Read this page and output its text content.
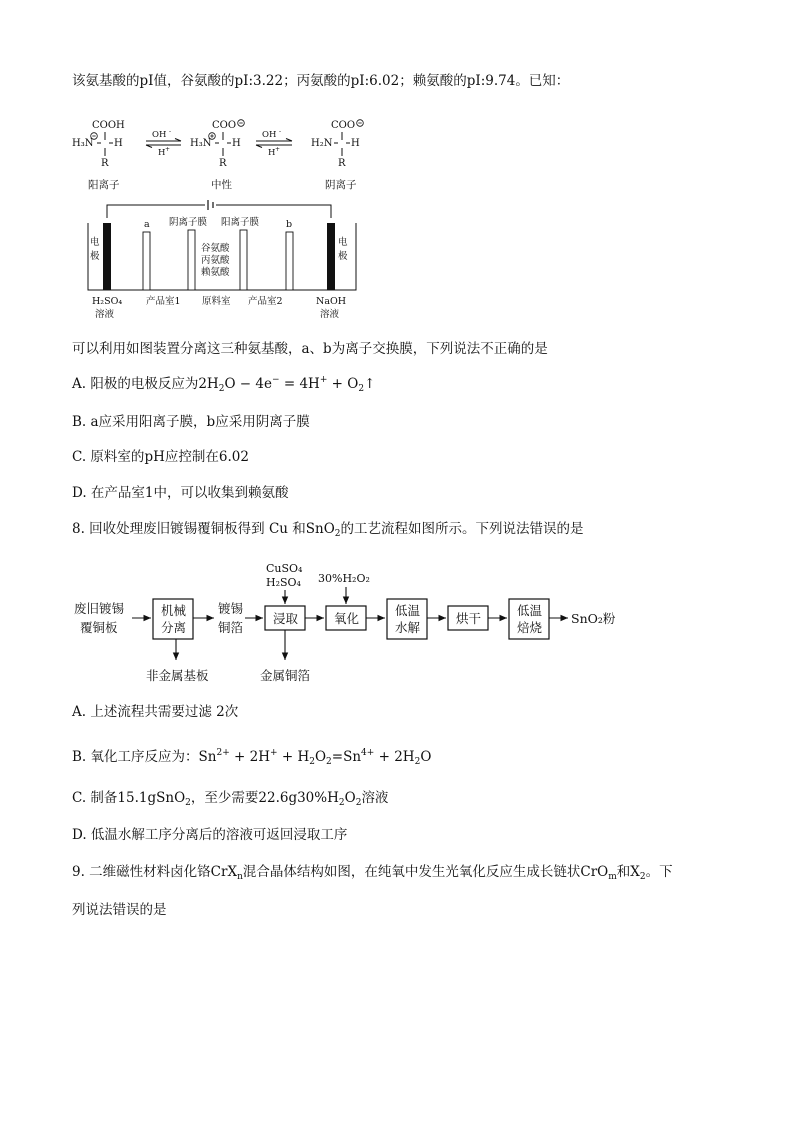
该氨基酸的pI值，谷氨酸的pI:3.22；丙氨酸的pI:6.02；赖氨酸的pI:9.74。已知：
COOH
H₃N H
R
阳离子
OH -
H +
COO
H₃N H
R
中性
OH -
H +
COO
H₂N H
R
阴离子
电
极
电
极
a	b
阴离子膜 阳离子膜
谷氨酸
丙氨酸
赖氨酸
H₂SO₄
溶液
产品室1 原料室 产品室2	NaOH
溶液
可以利用如图装置分离这三种氨基酸，a、b为离子交换膜，下列说法不正确的是
A. 阳极的电极反应为$2H_2O - 4e^- = 4H^+$ + $O_2↑$
B. a应采用阳离子膜，b应采用阴离子膜
C. 原料室的pH应控制在6.02
D. 在产品室1中，可以收集到赖氨酸
8. 回收处理废旧镀锡覆铜板得到 Cu 和SnO$_2$的工艺流程如图所示。下列说法错误的是
废旧镀锡
覆铜板
机械
分离
非金属基板
镀锡
铜箔
浸取
CuSO₄
H₂SO₄
金属铜箔
氧化
30%H₂O₂
低温
水解
烘干
低温
焙烧
SnO₂粉
A. 上述流程共需要过滤 2次
B. 氧化工序反应为：$Sn^{2+} + 2H^+ + H_2O_2=Sn^{4+} + 2H_2O$
C. 制备15.1gSnO$_2$，至少需要$22.6g30\%H_2O_2$溶液
D. 低温水解工序分离后的溶液可返回浸取工序
9. 二维磁性材料卤化铬CrX$_n$混合晶体结构如图，在纯氧中发生光氧化反应生成长链状CrO$_m$和$X_2$。下
列说法错误的是
